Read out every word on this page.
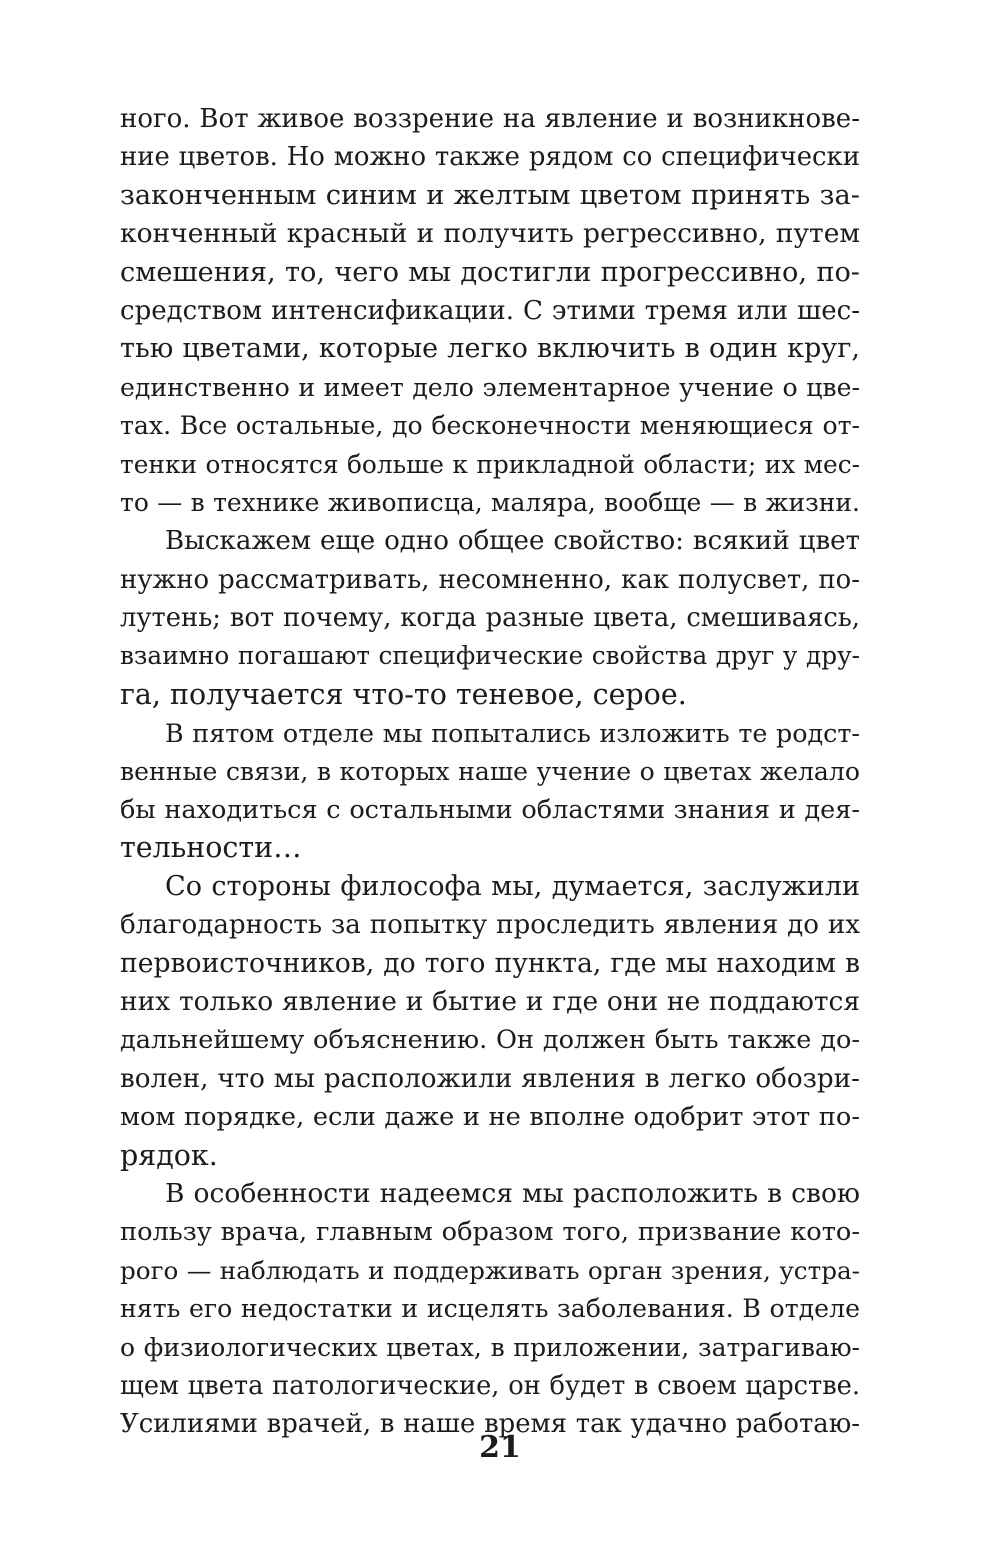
ного. Вот живое воззрение на явление и возникнове-
ние цветов. Но можно также рядом со специфически
законченным синим и желтым цветом принять за-
конченный красный и получить регрессивно, путем
смешения, то, чего мы достигли прогрессивно, по-
средством интенсификации. С этими тремя или шес-
тью цветами, которые легко включить в один круг,
единственно и имеет дело элементарное учение о цве-
тах. Все остальные, до бесконечности меняющиеся от-
тенки относятся больше к прикладной области; их мес-
то — в технике живописца, маляра, вообще — в жизни.
Выскажем еще одно общее свойство: всякий цвет
нужно рассматривать, несомненно, как полусвет, по-
лутень; вот почему, когда разные цвета, смешиваясь,
взаимно погашают специфические свойства друг у дру-
га, получается что-то теневое, серое.
В пятом отделе мы попытались изложить те родст-
венные связи, в которых наше учение о цветах желало
бы находиться с остальными областями знания и дея-
тельности…
Со стороны философа мы, думается, заслужили
благодарность за попытку проследить явления до их
первоисточников, до того пункта, где мы находим в
них только явление и бытие и где они не поддаются
дальнейшему объяснению. Он должен быть также до-
волен, что мы расположили явления в легко обозри-
мом порядке, если даже и не вполне одобрит этот по-
рядок.
В особенности надеемся мы расположить в свою
пользу врача, главным образом того, призвание кото-
рого — наблюдать и поддерживать орган зрения, устра-
нять его недостатки и исцелять заболевания. В отделе
о физиологических цветах, в приложении, затрагиваю-
щем цвета патологические, он будет в своем царстве.
Усилиями врачей, в наше время так удачно работаю-
21
